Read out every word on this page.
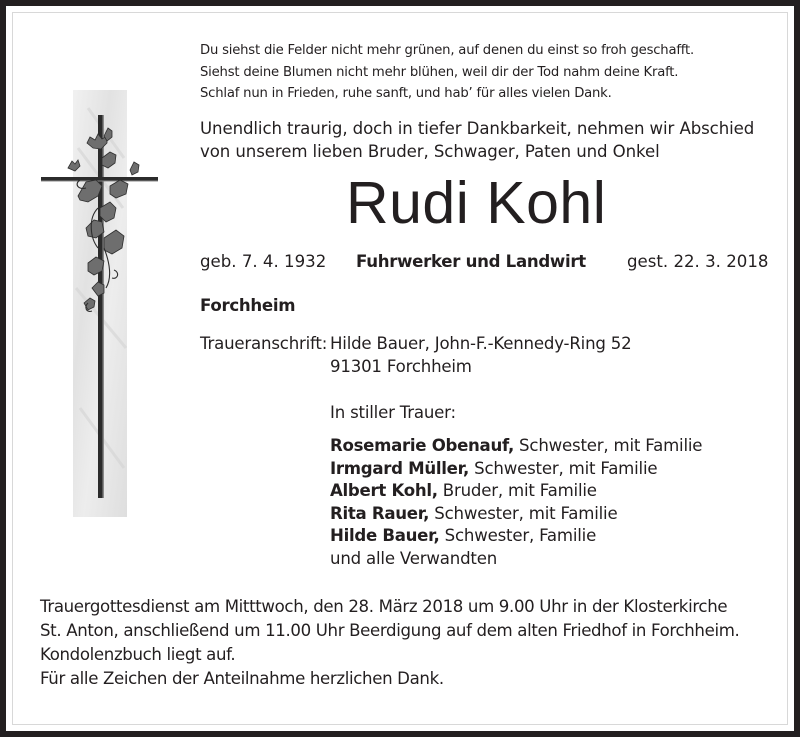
Du siehst die Felder nicht mehr grünen, auf denen du einst so froh geschafft.
Siehst deine Blumen nicht mehr blühen, weil dir der Tod nahm deine Kraft.
Schlaf nun in Frieden, ruhe sanft, und hab’ für alles vielen Dank.
Unendlich traurig, doch in tiefer Dankbarkeit, nehmen wir Abschied
von unserem lieben Bruder, Schwager, Paten und Onkel
Rudi Kohl
geb. 7. 4. 1932 Fuhrwerker und Landwirt gest. 22. 3. 2018
Forchheim
Traueranschrift: Hilde Bauer, John-F.-Kennedy-Ring 52
91301 Forchheim
In stiller Trauer:
Rosemarie Obenauf, Schwester, mit Familie
Irmgard Müller, Schwester, mit Familie
Albert Kohl, Bruder, mit Familie
Rita Rauer, Schwester, mit Familie
Hilde Bauer, Schwester, Familie
und alle Verwandten
Trauergottesdienst am Mitttwoch, den 28. März 2018 um 9.00 Uhr in der Klosterkirche
St. Anton, anschließend um 11.00 Uhr Beerdigung auf dem alten Friedhof in Forchheim.
Kondolenzbuch liegt auf.
Für alle Zeichen der Anteilnahme herzlichen Dank.
